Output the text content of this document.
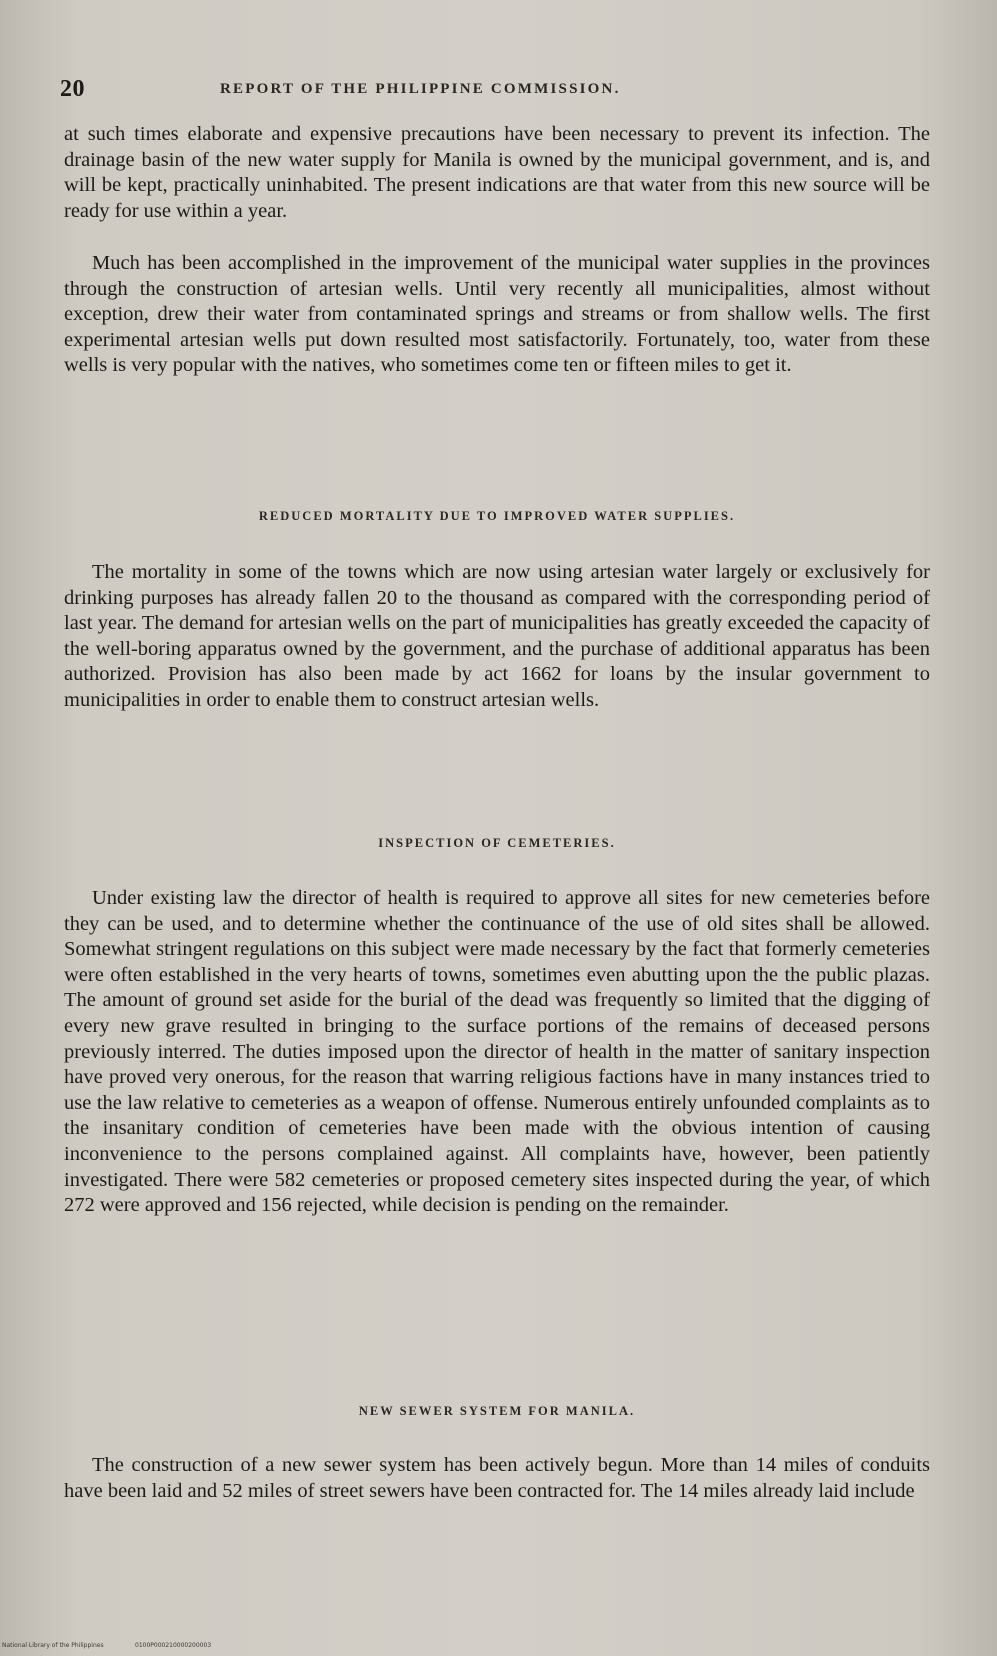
20	REPORT OF THE PHILIPPINE COMMISSION.

at such times elaborate and expensive precautions have been necessary to prevent its infection. The drainage basin of the new water supply for Manila is owned by the municipal government, and is, and will be kept, practically uninhabited. The present indications are that water from this new source will be ready for use within a year.

Much has been accomplished in the improvement of the municipal water supplies in the provinces through the construction of artesian wells. Until very recently all municipalities, almost without exception, drew their water from contaminated springs and streams or from shallow wells. The first experimental artesian wells put down resulted most satisfactorily. Fortunately, too, water from these wells is very popular with the natives, who sometimes come ten or fifteen miles to get it.

REDUCED MORTALITY DUE TO IMPROVED WATER SUPPLIES.

The mortality in some of the towns which are now using artesian water largely or exclusively for drinking purposes has already fallen 20 to the thousand as compared with the corresponding period of last year. The demand for artesian wells on the part of municipalities has greatly exceeded the capacity of the well-boring apparatus owned by the government, and the purchase of additional apparatus has been authorized. Provision has also been made by act 1662 for loans by the insular government to municipalities in order to enable them to construct artesian wells.

INSPECTION OF CEMETERIES.

Under existing law the director of health is required to approve all sites for new cemeteries before they can be used, and to determine whether the continuance of the use of old sites shall be allowed. Somewhat stringent regulations on this subject were made necessary by the fact that formerly cemeteries were often established in the very hearts of towns, sometimes even abutting upon the the public plazas. The amount of ground set aside for the burial of the dead was frequently so limited that the digging of every new grave resulted in bringing to the surface portions of the remains of deceased persons previously interred. The duties imposed upon the director of health in the matter of sanitary inspection have proved very onerous, for the reason that warring religious factions have in many instances tried to use the law relative to cemeteries as a weapon of offense. Numerous entirely unfounded complaints as to the insanitary condition of cemeteries have been made with the obvious intention of causing inconvenience to the persons complained against. All complaints have, however, been patiently investigated. There were 582 cemeteries or proposed cemetery sites inspected during the year, of which 272 were approved and 156 rejected, while decision is pending on the remainder.

NEW SEWER SYSTEM FOR MANILA.

The construction of a new sewer system has been actively begun. More than 14 miles of conduits have been laid and 52 miles of street sewers have been contracted for. The 14 miles already laid include

National Library of the Philippines	0100P000210000200003
